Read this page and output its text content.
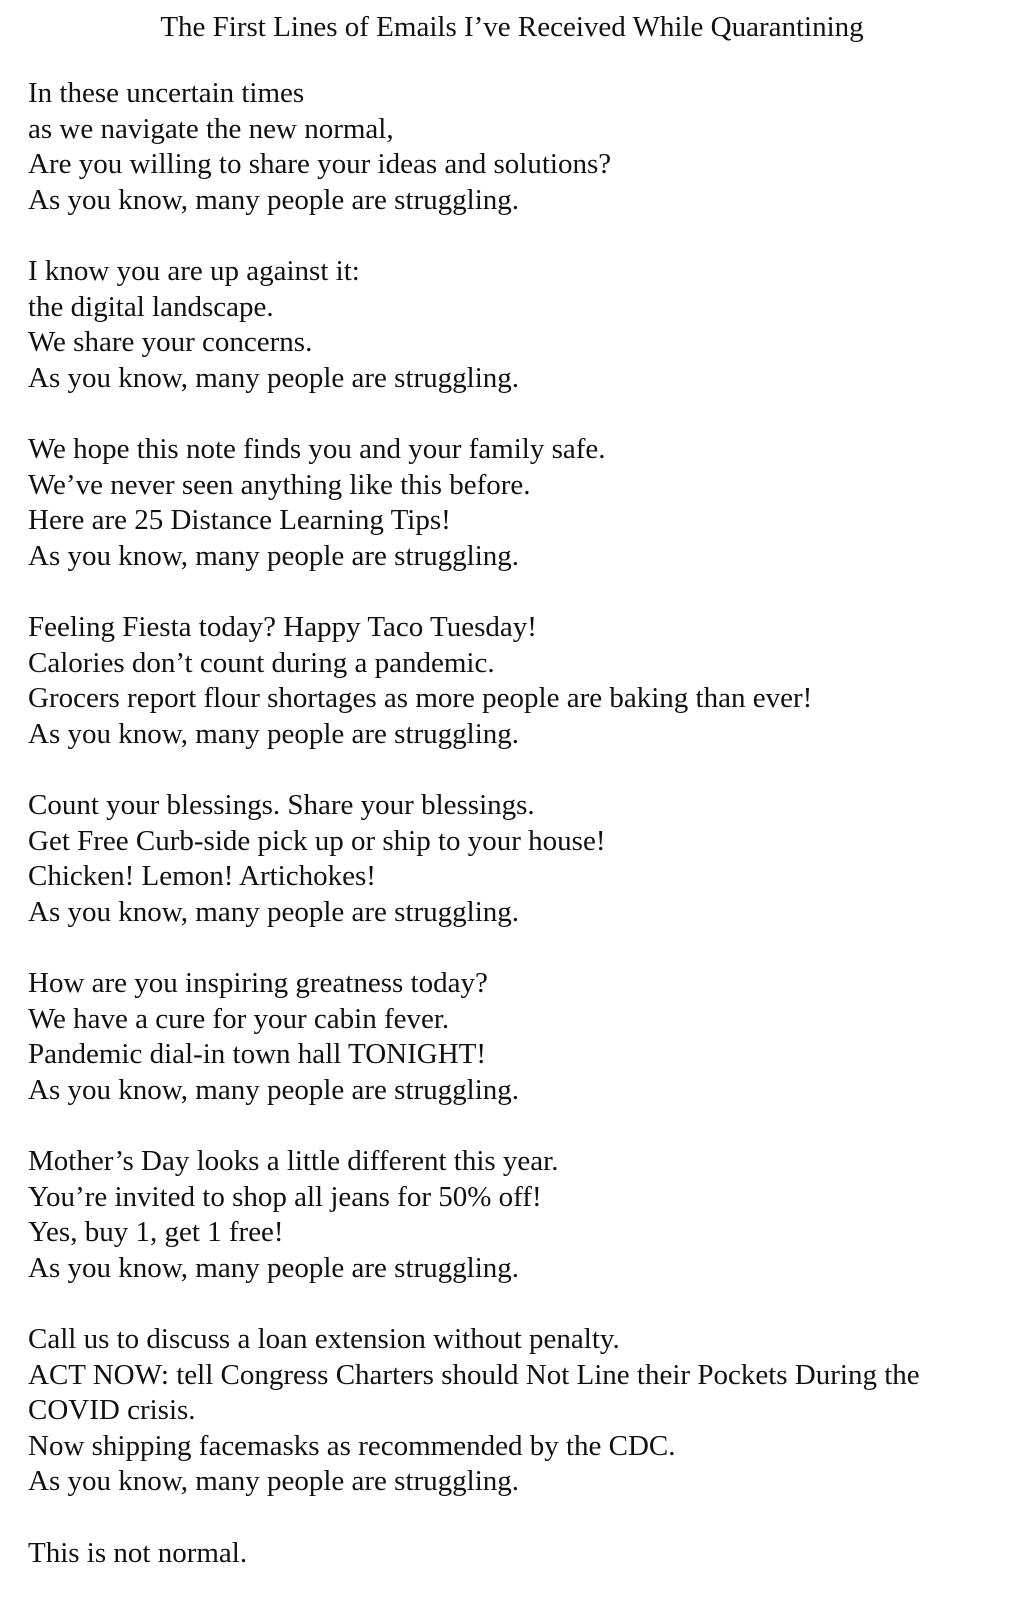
The First Lines of Emails I’ve Received While Quarantining
In these uncertain times
as we navigate the new normal,
Are you willing to share your ideas and solutions?
As you know, many people are struggling.
I know you are up against it:
the digital landscape.
We share your concerns.
As you know, many people are struggling.
We hope this note finds you and your family safe.
We’ve never seen anything like this before.
Here are 25 Distance Learning Tips!
As you know, many people are struggling.
Feeling Fiesta today? Happy Taco Tuesday!
Calories don’t count during a pandemic.
Grocers report flour shortages as more people are baking than ever!
As you know, many people are struggling.
Count your blessings. Share your blessings.
Get Free Curb-side pick up or ship to your house!
Chicken! Lemon! Artichokes!
As you know, many people are struggling.
How are you inspiring greatness today?
We have a cure for your cabin fever.
Pandemic dial-in town hall TONIGHT!
As you know, many people are struggling.
Mother’s Day looks a little different this year.
You’re invited to shop all jeans for 50% off!
Yes, buy 1, get 1 free!
As you know, many people are struggling.
Call us to discuss a loan extension without penalty.
ACT NOW: tell Congress Charters should Not Line their Pockets During the COVID crisis.
Now shipping facemasks as recommended by the CDC.
As you know, many people are struggling.
This is not normal.
